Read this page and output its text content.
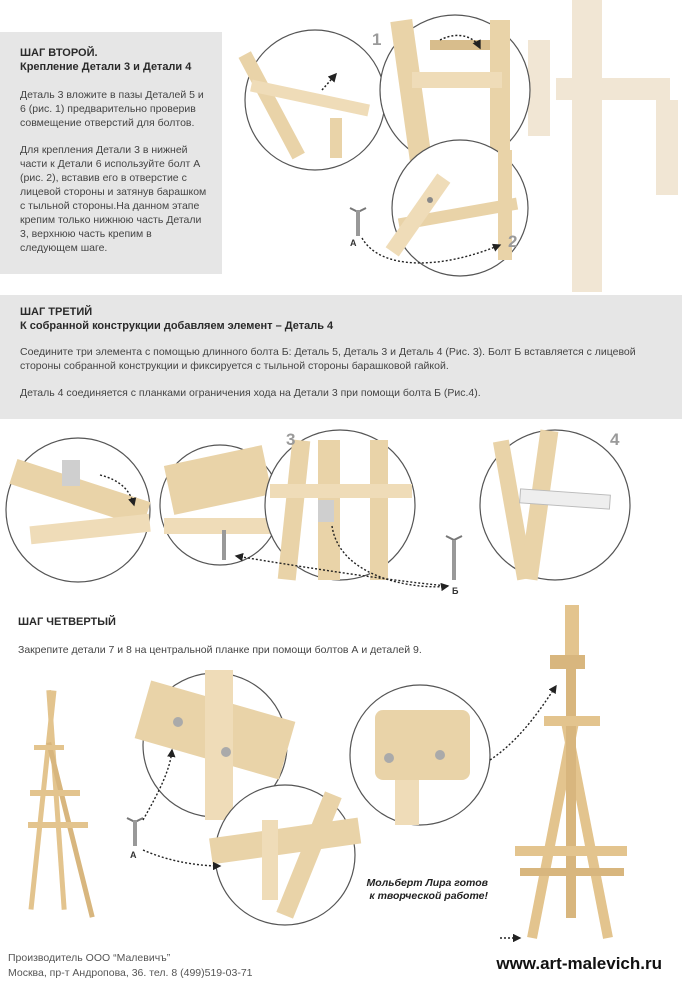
ШАГ ВТОРОЙ.
Крепление Детали 3 и Детали 4

Деталь 3 вложите в пазы Деталей 5 и 6 (рис. 1) предварительно проверив совмещение отверстий для болтов.

Для крепления Детали 3 в нижней части к Детали 6 используйте болт А (рис. 2), вставив его в отверстие с лицевой стороны и затянув барашком с тыльной стороны.На данном этапе крепим только нижнюю часть Детали 3, верхнюю часть крепим в следующем шаге.

ШАГ ТРЕТИЙ
К собранной конструкции добавляем элемент – Деталь 4

Соедините три элемента с помощью длинного болта Б: Деталь 5, Деталь 3 и Деталь 4 (Рис. 3). Болт Б вставляется с лицевой стороны собранной конструкции и фиксируется с тыльной стороны барашковой гайкой.

Деталь 4 соединяется с планками ограничения хода на Детали 3 при помощи болта Б (Рис.4).

ШАГ ЧЕТВЕРТЫЙ
Закрепите детали 7 и 8 на центральной планке при помощи болтов А и деталей 9.
1
2
3	4
А
Б
А
Мольберт Лира готов
к творческой работе!
Производитель ООО “Малевичъ”
Москва, пр-т Андропова, 36. тел. 8 (499)519-03-71	www.art-malevich.ru
